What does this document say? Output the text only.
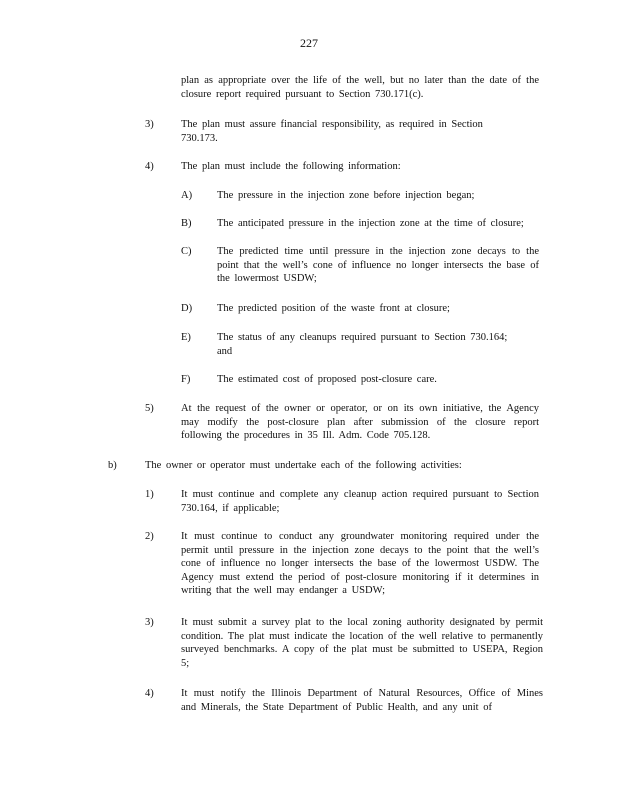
227
plan as appropriate over the life of the well, but no later than the date of the closure report required pursuant to Section 730.171(c).
3)	The plan must assure financial responsibility, as required in Section 730.173.
4)	The plan must include the following information:
A) The pressure in the injection zone before injection began;
B) The anticipated pressure in the injection zone at the time of closure;
C) The predicted time until pressure in the injection zone decays to the point that the well’s cone of influence no longer intersects the base of the lowermost USDW;
D) The predicted position of the waste front at closure;
E) The status of any cleanups required pursuant to Section 730.164; and
F)	The estimated cost of proposed post-closure care.
5)	At the request of the owner or operator, or on its own initiative, the Agency may modify the post-closure plan after submission of the closure report following the procedures in 35 Ill. Adm. Code 705.128.
b)	The owner or operator must undertake each of the following activities:
1)	It must continue and complete any cleanup action required pursuant to Section 730.164, if applicable;
2)	It must continue to conduct any groundwater monitoring required under the permit until pressure in the injection zone decays to the point that the well’s cone of influence no longer intersects the base of the lowermost USDW. The Agency must extend the period of post-closure monitoring if it determines in writing that the well may endanger a USDW;
3)	It must submit a survey plat to the local zoning authority designated by permit condition. The plat must indicate the location of the well relative to permanently surveyed benchmarks. A copy of the plat must be submitted to USEPA, Region 5;
4)	It must notify the Illinois Department of Natural Resources, Office of Mines and Minerals, the State Department of Public Health, and any unit of
